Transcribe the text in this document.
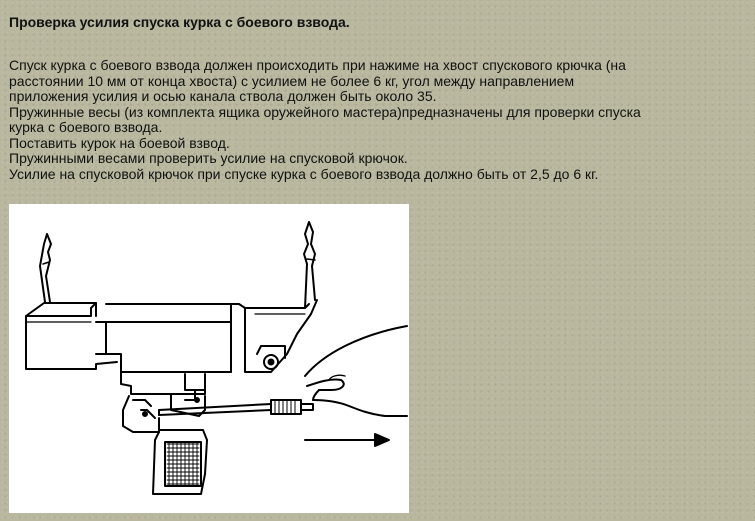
Проверка усилия спуска курка с боевого взвода.
Спуск курка с боевого взвода должен происходить при нажиме на хвост спускового крючка (на
расстоянии 10 мм от конца хвоста) с усилием не более 6 кг, угол между направлением
приложения усилия и осью канала ствола должен быть около 35.
Пружинные весы (из комплекта ящика оружейного мастера)предназначены для проверки спуска
курка с боевого взвода.
Поставить курок на боевой взвод.
Пружинными весами проверить усилие на спусковой крючок.
Усилие на спусковой крючок при спуске курка с боевого взвода должно быть от 2,5 до 6 кг.
